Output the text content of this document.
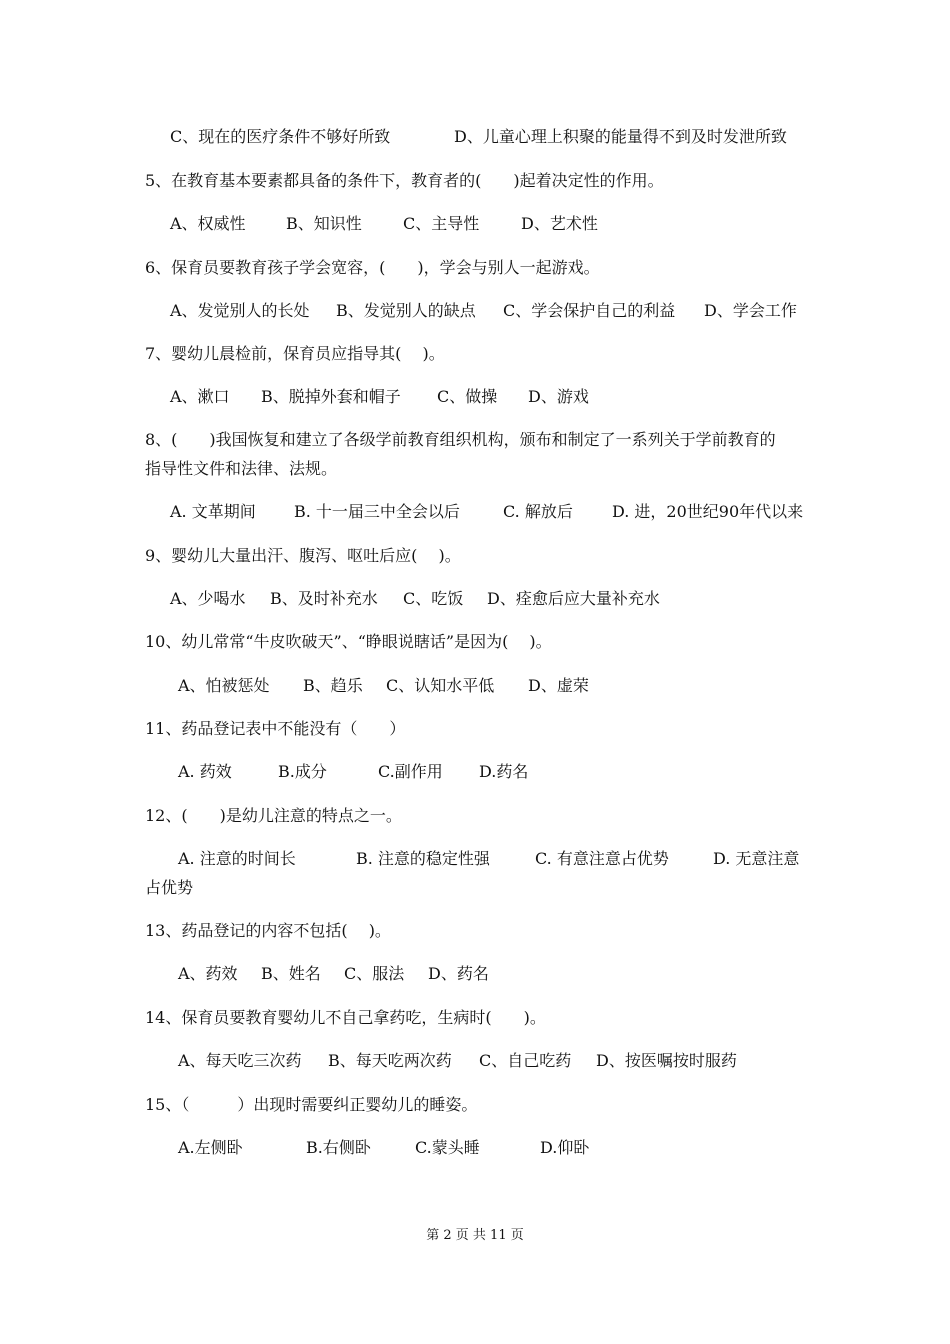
C、现在的医疗条件不够好所致	D、儿童心理上积聚的能量得不到及时发泄所致
5、在教育基本要素都具备的条件下，教育者的(　　)起着决定性的作用。
A、权威性	B、知识性	C、主导性	D、艺术性
6、保育员要教育孩子学会宽容，(　　)，学会与别人一起游戏。
A、发觉别人的长处 B、发觉别人的缺点 C、学会保护自己的利益 D、学会工作
7、婴幼儿晨检前，保育员应指导其(　 )。
A、漱口 B、脱掉外套和帽子 C、做操 D、游戏
8、(　　)我国恢复和建立了各级学前教育组织机构，颁布和制定了一系列关于学前教育的
指导性文件和法律、法规。
A. 文革期间 B. 十一届三中全会以后	C. 解放后 D. 进，20世纪90年代以来
9、婴幼儿大量出汗、腹泻、呕吐后应(　 )。
A、少喝水 B、及时补充水 C、吃饭 D、痊愈后应大量补充水
10、幼儿常常“牛皮吹破天”、“睁眼说瞎话”是因为(　 )。
A、怕被惩处 B、趋乐 C、认知水平低 D、虚荣
11、药品登记表中不能没有（　　）
A. 药效	B.成分	C.副作用 D.药名
12、(　　)是幼儿注意的特点之一。
A. 注意的时间长	B. 注意的稳定性强	C. 有意注意占优势	D. 无意注意
占优势
13、药品登记的内容不包括(　 )。
A、药效 B、姓名 C、服法 D、药名
14、保育员要教育婴幼儿不自己拿药吃，生病时(　　)。
A、每天吃三次药 B、每天吃两次药 C、自己吃药 D、按医嘱按时服药
15、（　　　）出现时需要纠正婴幼儿的睡姿。
A.左侧卧	B.右侧卧	C.蒙头睡	D.仰卧
第 2 页 共 11 页
